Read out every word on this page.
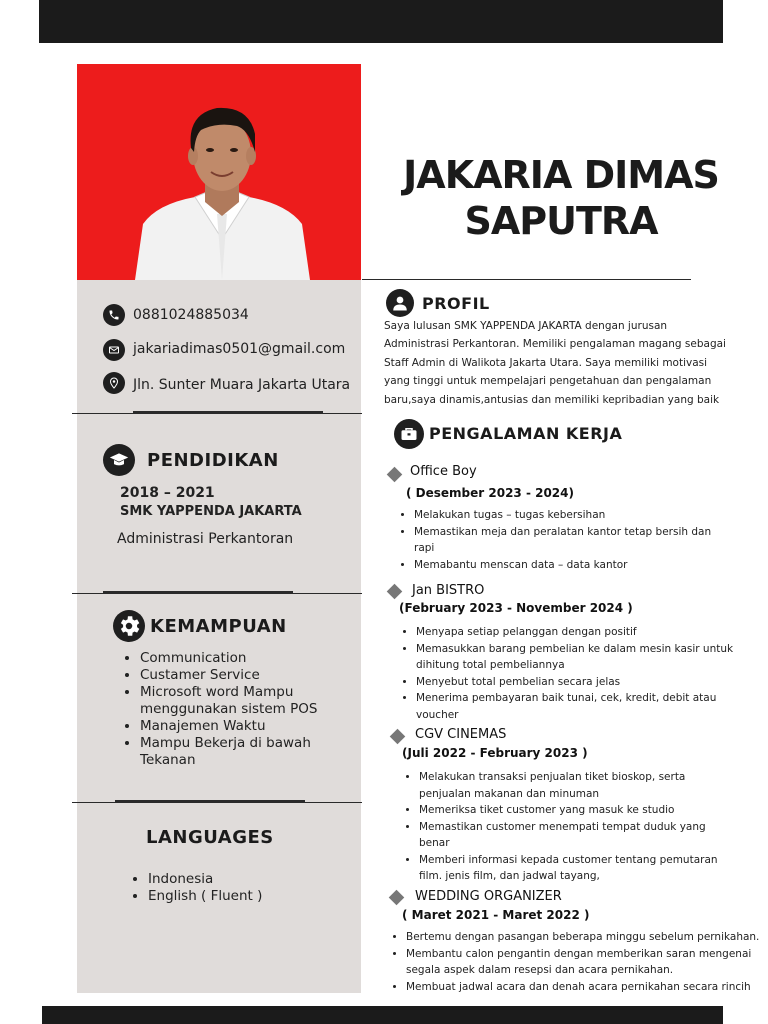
JAKARIA DIMAS
SAPUTRA
0881024885034
jakariadimas0501@gmail.com
Jln. Sunter Muara Jakarta Utara
PENDIDIKAN
2018 – 2021
SMK YAPPENDA JAKARTA
Administrasi Perkantoran
KEMAMPUAN
• Communication
• Custamer Service
• Microsoft word Mampu menggunakan sistem POS
• Manajemen Waktu
• Mampu Bekerja di bawah Tekanan
LANGUAGES
• Indonesia
• English ( Fluent )
PROFIL
Saya lulusan SMK YAPPENDA JAKARTA dengan jurusan Administrasi Perkantoran. Memiliki pengalaman magang sebagai Staff Admin di Walikota Jakarta Utara. Saya memiliki motivasi yang tinggi untuk mempelajari pengetahuan dan pengalaman baru,saya dinamis,antusias dan memiliki kepribadian yang baik
PENGALAMAN KERJA
Office Boy
( Desember 2023 - 2024)
• Melakukan tugas – tugas kebersihan
• Memastikan meja dan peralatan kantor tetap bersih dan rapi
• Memabantu menscan data – data kantor
Jan BISTRO
(February 2023 - November 2024 )
• Menyapa setiap pelanggan dengan positif
• Memasukkan barang pembelian ke dalam mesin kasir untuk dihitung total pembeliannya
• Menyebut total pembelian secara jelas
• Menerima pembayaran baik tunai, cek, kredit, debit atau voucher
CGV CINEMAS
(Juli 2022 - February 2023 )
• Melakukan transaksi penjualan tiket bioskop, serta penjualan makanan dan minuman
• Memeriksa tiket customer yang masuk ke studio
• Memastikan customer menempati tempat duduk yang benar
• Memberi informasi kepada customer tentang pemutaran film. jenis film, dan jadwal tayang,
WEDDING ORGANIZER
( Maret 2021 - Maret 2022 )
• Bertemu dengan pasangan beberapa minggu sebelum pernikahan.
• Membantu calon pengantin dengan memberikan saran mengenai segala aspek dalam resepsi dan acara pernikahan.
• Membuat jadwal acara dan denah acara pernikahan secara rincih
